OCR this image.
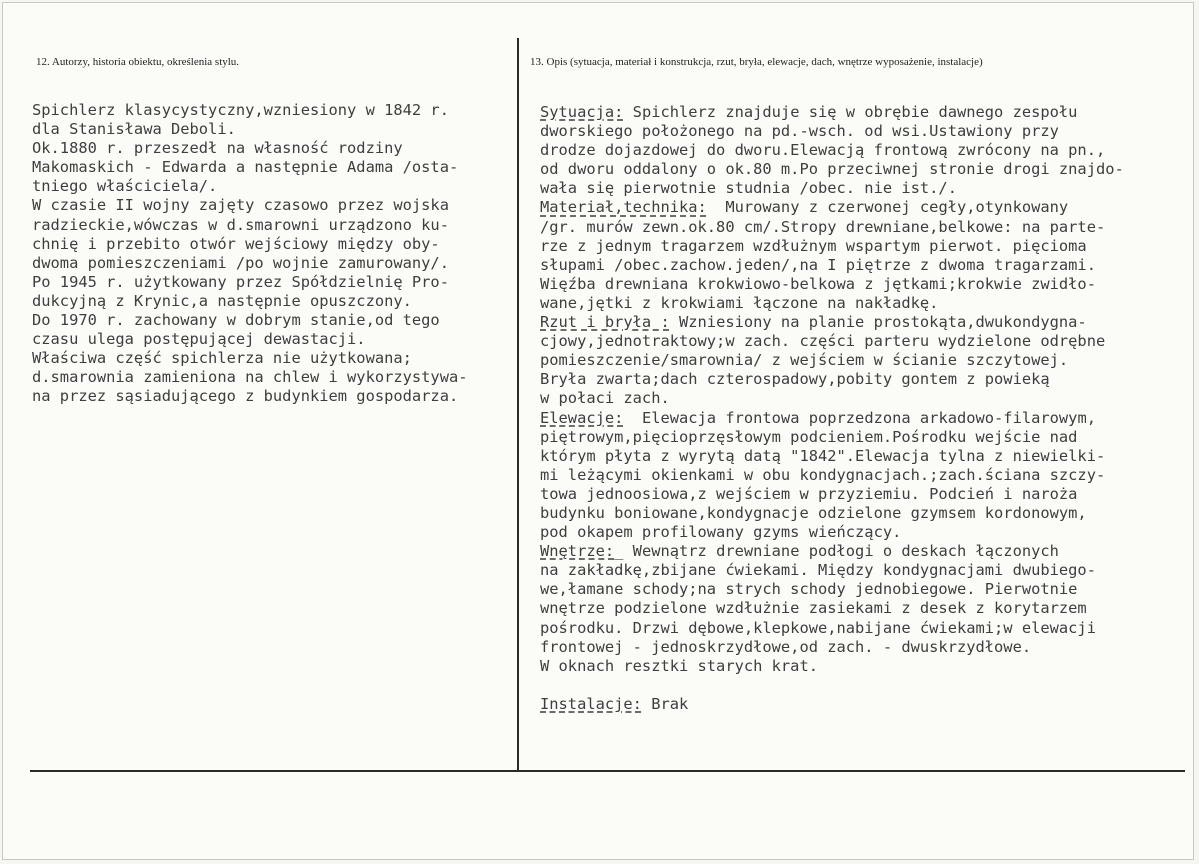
12. Autorzy, historia obiektu, określenia stylu.	13. Opis (sytuacja, materiał i konstrukcja, rzut, bryła, elewacje, dach, wnętrze wyposażenie, instalacje)
Spichlerz klasycystyczny,wzniesiony w 1842 r.
dla Stanisława Deboli.
Ok.1880 r. przeszedł na własność rodziny
Makomaskich - Edwarda a następnie Adama /osta-
tniego właściciela/.
W czasie II wojny zajęty czasowo przez wojska
radzieckie,wówczas w d.smarowni urządzono ku-
chnię i przebito otwór wejściowy między oby-
dwoma pomieszczeniami /po wojnie zamurowany/.
Po 1945 r. użytkowany przez Spółdzielnię Pro-
dukcyjną z Krynic,a następnie opuszczony.
Do 1970 r. zachowany w dobrym stanie,od tego
czasu ulega postępującej dewastacji.
Właściwa część spichlerza nie użytkowana;
d.smarownia zamieniona na chlew i wykorzystywa-
na przez sąsiadującego z budynkiem gospodarza.
Sytuacja: Spichlerz znajduje się w obrębie dawnego zespołu
dworskiego położonego na pd.-wsch. od wsi.Ustawiony przy
drodze dojazdowej do dworu.Elewacją frontową zwrócony na pn.,
od dworu oddalony o ok.80 m.Po przeciwnej stronie drogi znajdo-
wała się pierwotnie studnia /obec. nie ist./.
Materiał,technika:  Murowany z czerwonej cegły,otynkowany
/gr. murów zewn.ok.80 cm/.Stropy drewniane,belkowe: na parte-
rze z jednym tragarzem wzdłużnym wspartym pierwot. pięcioma
słupami /obec.zachow.jeden/,na I piętrze z dwoma tragarzami.
Więźba drewniana krokwiowo-belkowa z jętkami;krokwie zwidło-
wane,jętki z krokwiami łączone na nakładkę.
Rzut i bryła : Wzniesiony na planie prostokąta,dwukondygna-
cjowy,jednotraktowy;w zach. części parteru wydzielone odrębne
pomieszczenie/smarownia/ z wejściem w ścianie szczytowej.
Bryła zwarta;dach czterospadowy,pobity gontem z powieką
w połaci zach.
Elewacje:  Elewacja frontowa poprzedzona arkadowo-filarowym,
piętrowym,pięcioprzęsłowym podcieniem.Pośrodku wejście nad
którym płyta z wyrytą datą "1842".Elewacja tylna z niewielki-
mi leżącymi okienkami w obu kondygnacjach.;zach.ściana szczy-
towa jednoosiowa,z wejściem w przyziemiu. Podcień i naroża
budynku boniowane,kondygnacje odzielone gzymsem kordonowym,
pod okapem profilowany gzyms wieńczący.
Wnętrze:_ Wewnątrz drewniane podłogi o deskach łączonych
na zakładkę,zbijane ćwiekami. Między kondygnacjami dwubiego-
we,łamane schody;na strych schody jednobiegowe. Pierwotnie
wnętrze podzielone wzdłużnie zasiekami z desek z korytarzem
pośrodku. Drzwi dębowe,klepkowe,nabijane ćwiekami;w elewacji
frontowej - jednoskrzydłowe,od zach. - dwuskrzydłowe.
W oknach resztki starych krat.
Instalacje: Brak
